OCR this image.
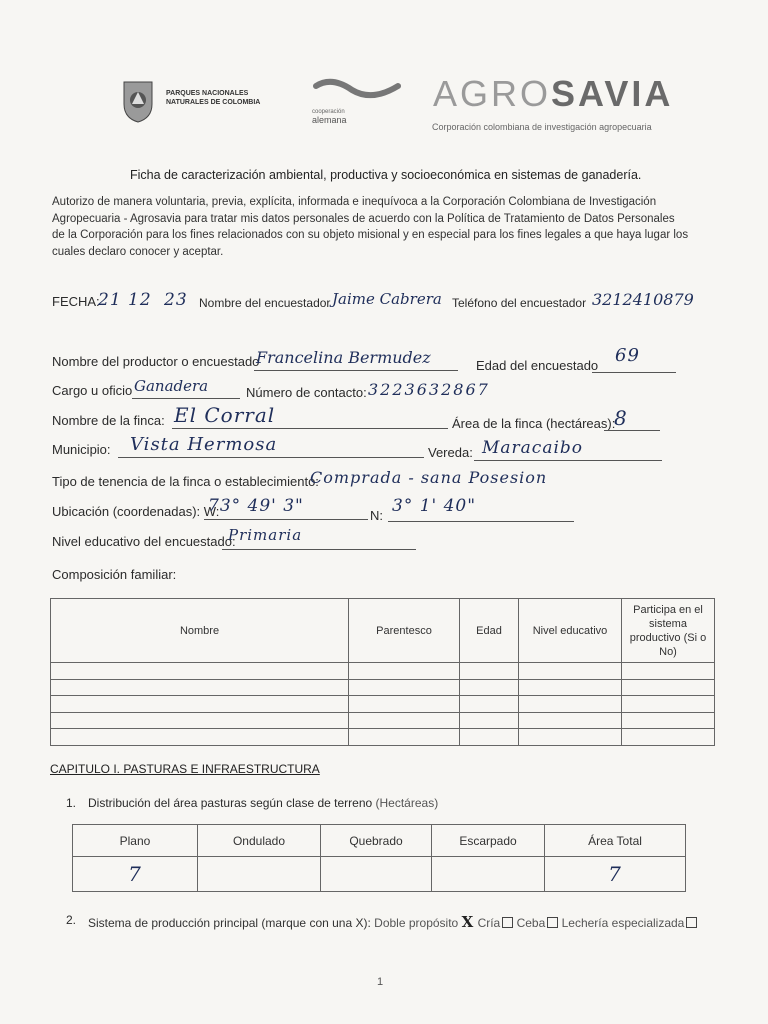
PARQUES NACIONALES
NATURALES DE COLOMBIA
cooperación
alemana
AGROSAVIA
Corporación colombiana de investigación agropecuaria
Ficha de caracterización ambiental, productiva y socioeconómica en sistemas de ganadería.
Autorizo de manera voluntaria, previa, explícita, informada e inequívoca a la Corporación Colombiana de Investigación
Agropecuaria - Agrosavia para tratar mis datos personales de acuerdo con la Política de Tratamiento de Datos Personales
de la Corporación para los fines relacionados con su objeto misional y en especial para los fines legales a que haya lugar los
cuales declaro conocer y aceptar.
FECHA:
21 12 23 Nombre del encuestador Jaime Cabrera Teléfono del encuestador 3212410879
Nombre del productor o encuestado
Francelina Bermudez	Edad del encuestado 69
Cargo u oficio Ganadera	Número de contacto: 3223632867
Nombre de la finca: El Corral	Área de la finca (hectáreas):
8
Municipio: Vista Hermosa	Vereda: Maracaibo
Tipo de tenencia de la finca o establecimiento:
Comprada - sana Posesion
Ubicación (coordenadas): W:
73° 49' 3"	N: 3° 1' 40"
Nivel educativo del encuestado:
Primaria
Composición familiar:
Nombre	Parentesco	Edad	Nivel educativo	Participa en el sistema productivo (Si o No)

CAPITULO I. PASTURAS E INFRAESTRUCTURA
1. Distribución del área pasturas según clase de terreno (Hectáreas)
Plano	Ondulado	Quebrado	Escarpado	Área Total
7				7
2. Sistema de producción principal (marque con una X): Doble propósito X Cría Ceba Lechería especializada
1
